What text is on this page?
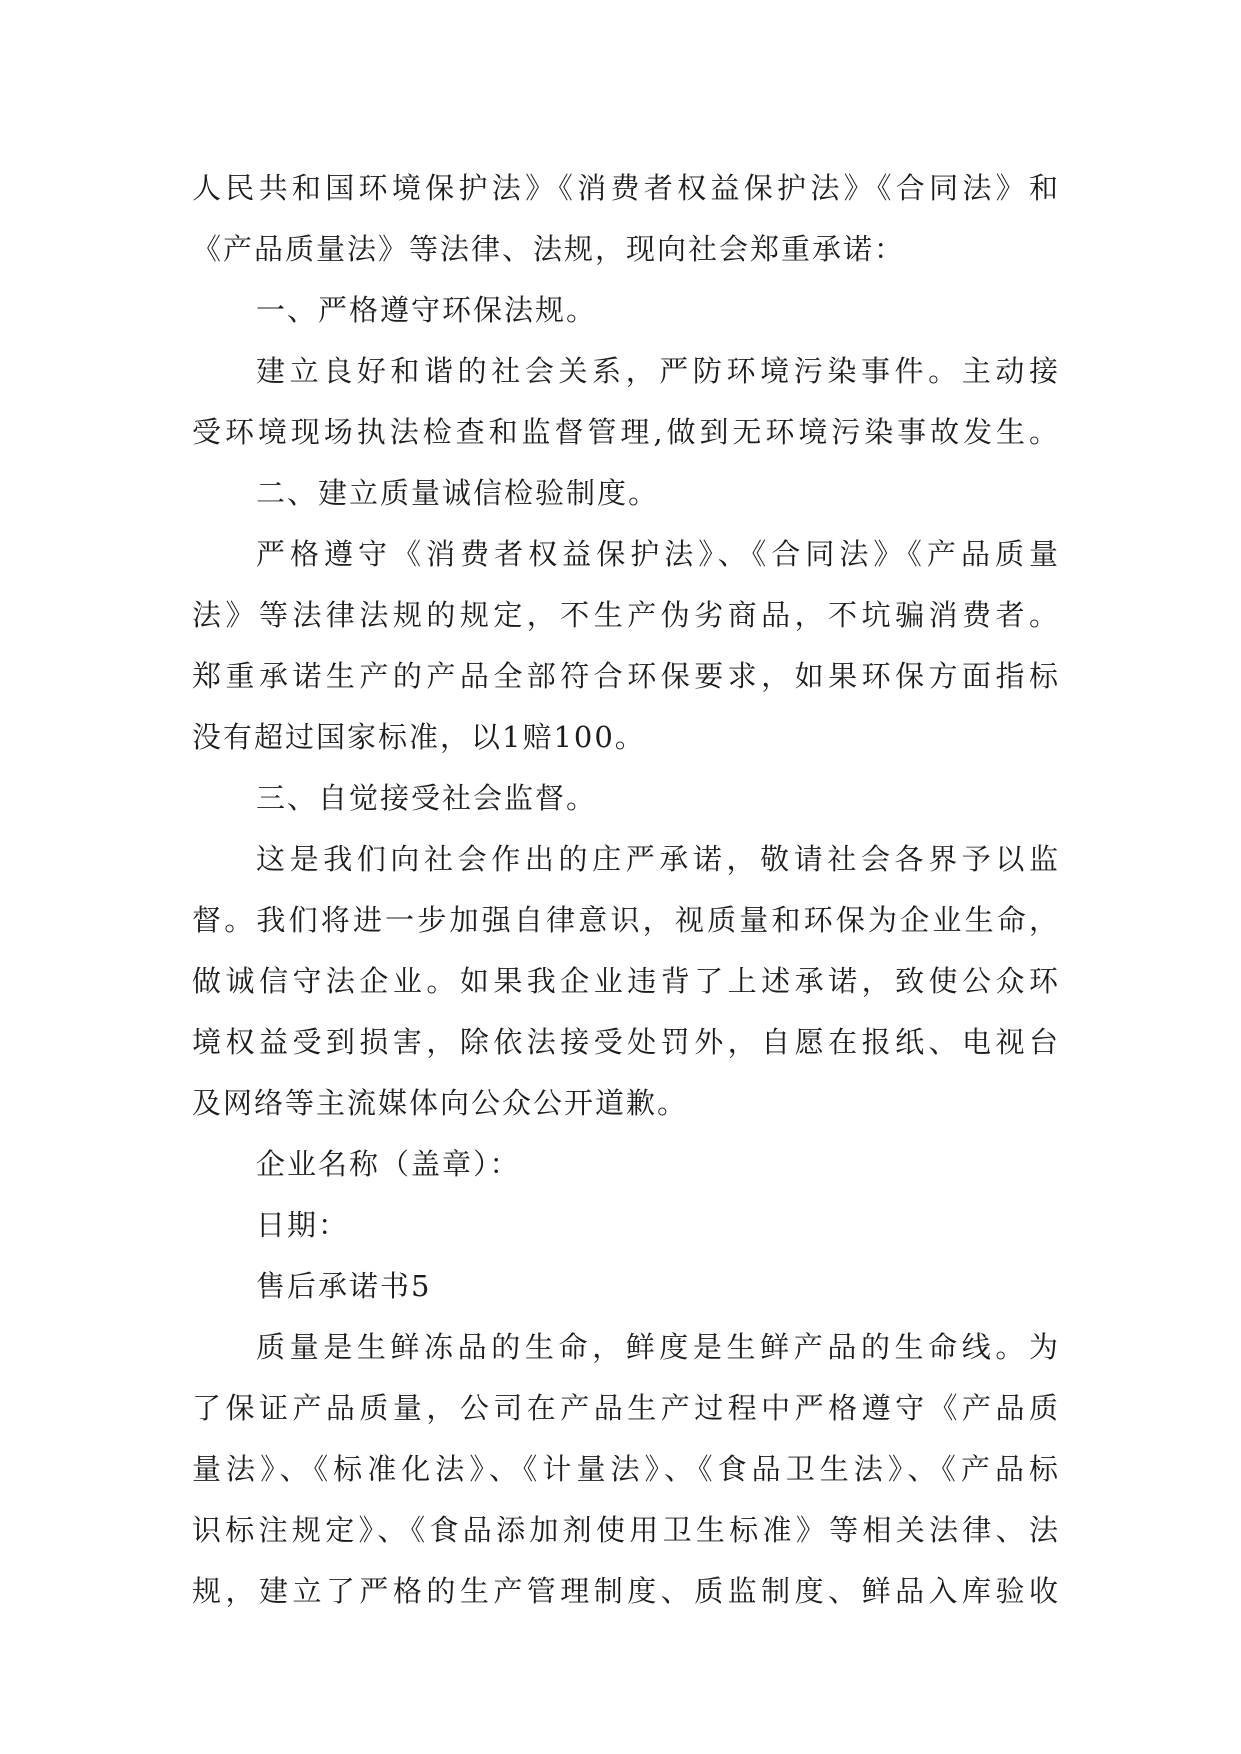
人民共和国环境保护法》《消费者权益保护法》《合同法》和
《产品质量法》等法律、法规，现向社会郑重承诺：
一、严格遵守环保法规。
建立良好和谐的社会关系，严防环境污染事件。主动接
受环境现场执法检查和监督管理,做到无环境污染事故发生。
二、建立质量诚信检验制度。
严格遵守《消费者权益保护法》、《合同法》《产品质量
法》等法律法规的规定，不生产伪劣商品，不坑骗消费者。
郑重承诺生产的产品全部符合环保要求，如果环保方面指标
没有超过国家标准，以1赔100。
三、自觉接受社会监督。
这是我们向社会作出的庄严承诺，敬请社会各界予以监
督。我们将进一步加强自律意识，视质量和环保为企业生命，
做诚信守法企业。如果我企业违背了上述承诺，致使公众环
境权益受到损害，除依法接受处罚外，自愿在报纸、电视台
及网络等主流媒体向公众公开道歉。
企业名称（盖章）：
日期：
售后承诺书5
质量是生鲜冻品的生命，鲜度是生鲜产品的生命线。为
了保证产品质量，公司在产品生产过程中严格遵守《产品质
量法》、《标准化法》、《计量法》、《食品卫生法》、《产品标
识标注规定》、《食品添加剂使用卫生标准》等相关法律、法
规，建立了严格的生产管理制度、质监制度、鲜品入库验收
